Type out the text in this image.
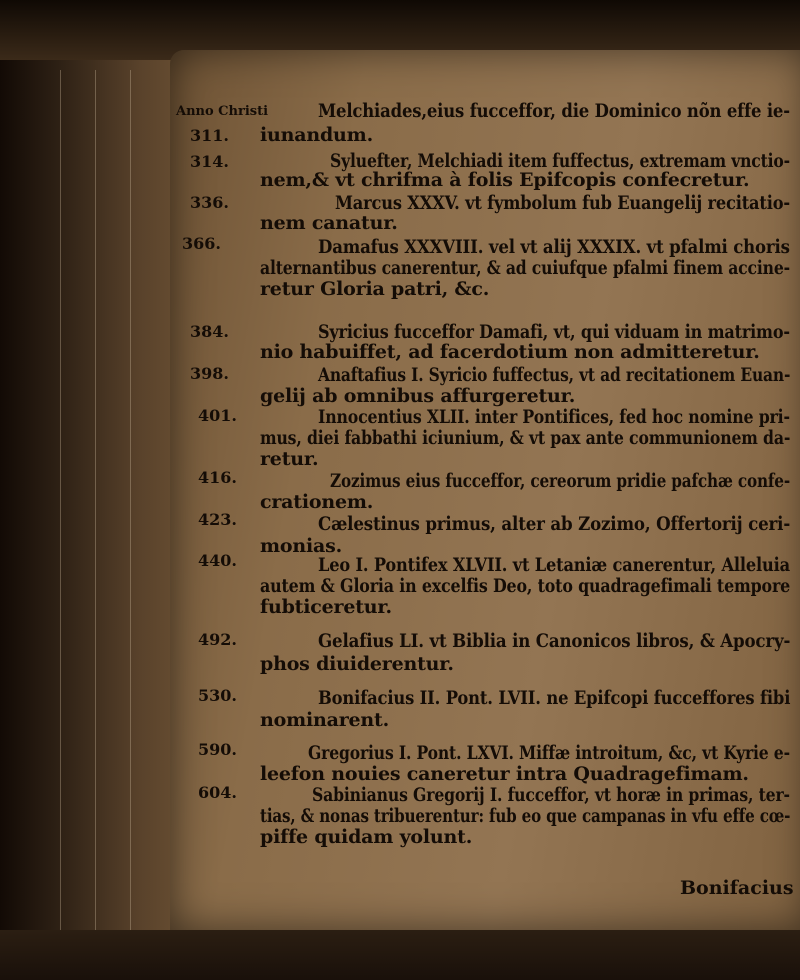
Anno Christi
311.
314.
336.
366.
384.
398.
401.
416.
423.
440.
492.
530.
590.
604.
Melchiades,eius fucceffor, die Dominico nõn effe ie-
iunandum.
Syluefter, Melchiadi item fuffectus, extremam vnctio-
nem,& vt chrifma à folis Epifcopis confecretur.
Marcus XXXV. vt fymbolum fub Euangelij recitatio-
nem canatur.
Damafus XXXVIII. vel vt alij XXXIX. vt pfalmi choris
alternantibus canerentur, & ad cuiufque pfalmi finem accine-
retur Gloria patri, &c.
Syricius fucceffor Damafi, vt, qui viduam in matrimo-
nio habuiffet, ad facerdotium non admitteretur.
Anaftafius I. Syricio fuffectus, vt ad recitationem Euan-
gelij ab omnibus affurgeretur.
Innocentius XLII. inter Pontifices, fed hoc nomine pri-
mus, diei fabbathi iciunium, & vt pax ante communionem da-
retur.
Zozimus eius fucceffor, cereorum pridie pafchæ confe-
crationem.
Cælestinus primus, alter ab Zozimo, Offertorij ceri-
monias.
Leo I. Pontifex XLVII. vt Letaniæ canerentur, Alleluia
autem & Gloria in excelfis Deo, toto quadragefimali tempore
fubticeretur.
Gelafius LI. vt Biblia in Canonicos libros, & Apocry-
phos diuiderentur.
Bonifacius II. Pont. LVII. ne Epifcopi fucceffores fibi
nominarent.
Gregorius I. Pont. LXVI. Miffæ introitum, &c, vt Kyrie e-
leefon nouies caneretur intra Quadragefimam.
Sabinianus Gregorij I. fucceffor, vt horæ in primas, ter-
tias, & nonas tribuerentur: fub eo que campanas in vfu effe cœ-
piffe quidam yolunt.
Bonifacius
